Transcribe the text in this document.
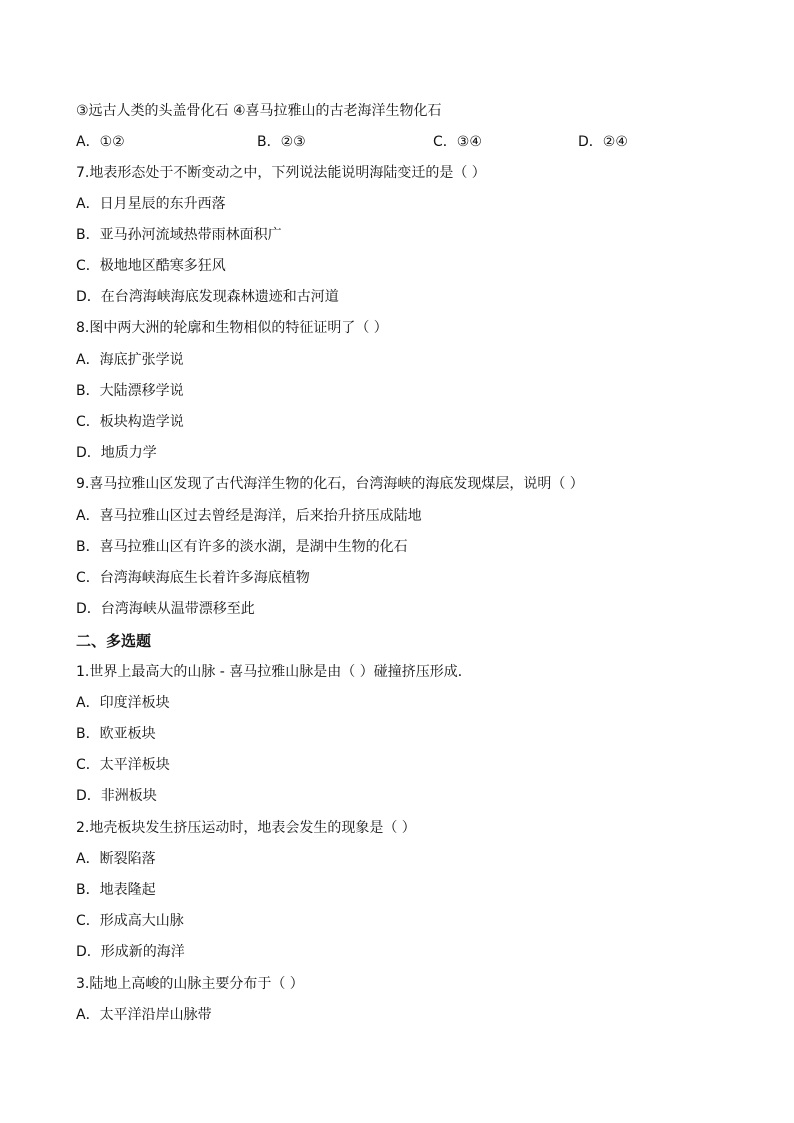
③远古人类的头盖骨化石 ④喜马拉雅山的古老海洋生物化石
A．①②	B．②③	C．③④	D．②④
7.地表形态处于不断变动之中，下列说法能说明海陆变迁的是（ ）
A．日月星辰的东升西落
B．亚马孙河流域热带雨林面积广
C．极地地区酷寒多狂风
D．在台湾海峡海底发现森林遗迹和古河道
8.图中两大洲的轮廓和生物相似的特征证明了（ ）
A．海底扩张学说
B．大陆漂移学说
C．板块构造学说
D．地质力学
9.喜马拉雅山区发现了古代海洋生物的化石，台湾海峡的海底发现煤层，说明（ ）
A．喜马拉雅山区过去曾经是海洋，后来抬升挤压成陆地
B．喜马拉雅山区有许多的淡水湖，是湖中生物的化石
C．台湾海峡海底生长着许多海底植物
D．台湾海峡从温带漂移至此
二、多选题
1.世界上最高大的山脉 - 喜马拉雅山脉是由（ ）碰撞挤压形成．
A．印度洋板块
B．欧亚板块
C．太平洋板块
D．非洲板块
2.地壳板块发生挤压运动时，地表会发生的现象是（ ）
A．断裂陷落
B．地表隆起
C．形成高大山脉
D．形成新的海洋
3.陆地上高峻的山脉主要分布于（ ）
A．太平洋沿岸山脉带
